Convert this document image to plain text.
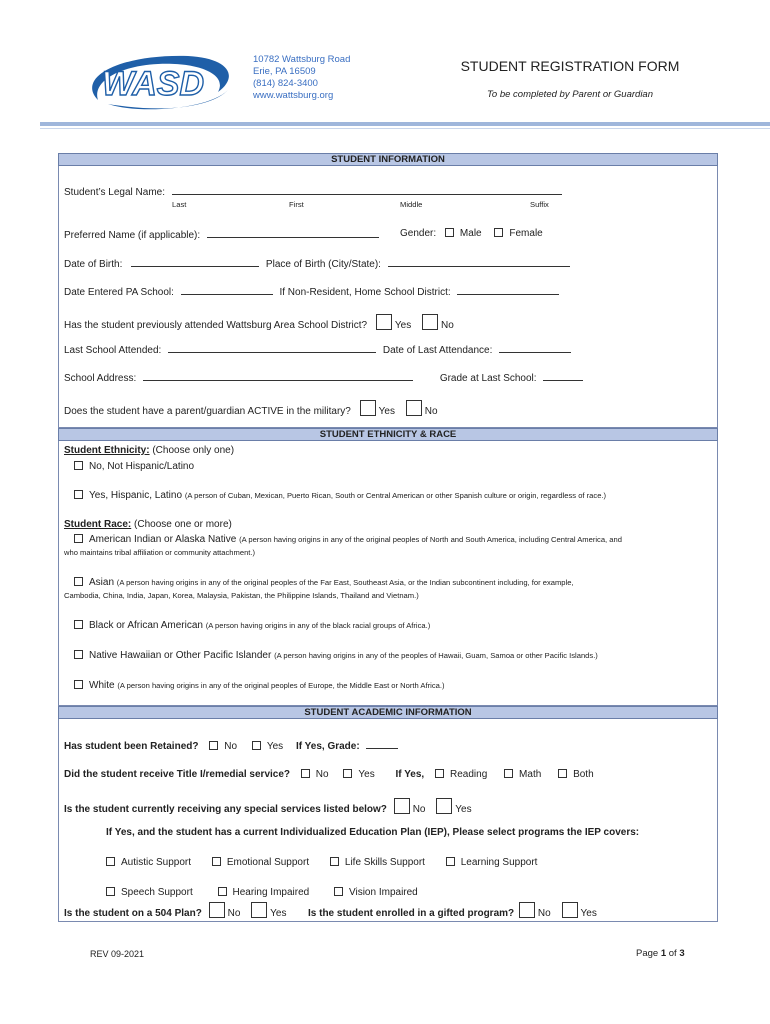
WASD
10782 Wattsburg Road
Erie, PA 16509
(814) 824-3400
www.wattsburg.org
STUDENT REGISTRATION FORM
To be completed by Parent or Guardian
STUDENT INFORMATION
Student’s Legal Name:
Last	First	Middle	Suffix
Preferred Name (if applicable):	Gender: Male	Female
Date of Birth:	Place of Birth (City/State):
Date Entered PA School:	If Non-Resident, Home School District:
Has the student previously attended Wattsburg Area School District?	Yes	No
Last School Attended:	Date of Last Attendance:
School Address:	Grade at Last School:
Does the student have a parent/guardian ACTIVE in the military?	Yes	No
STUDENT ETHNICITY & RACE
Student Ethnicity: (Choose only one)
No, Not Hispanic/Latino
Yes, Hispanic, Latino (A person of Cuban, Mexican, Puerto Rican, South or Central American or other Spanish culture or origin, regardless of race.)
Student Race: (Choose one or more)
American Indian or Alaska Native (A person having origins in any of the original peoples of North and South America, including Central America, and
who maintains tribal affiliation or community attachment.)
Asian (A person having origins in any of the original peoples of the Far East, Southeast Asia, or the Indian subcontinent including, for example,
Cambodia, China, India, Japan, Korea, Malaysia, Pakistan, the Philippine Islands, Thailand and Vietnam.)
Black or African American (A person having origins in any of the black racial groups of Africa.)
Native Hawaiian or Other Pacific Islander (A person having origins in any of the peoples of Hawaii, Guam, Samoa or other Pacific Islands.)
White (A person having origins in any of the original peoples of Europe, the Middle East or North Africa.)
STUDENT ACADEMIC INFORMATION
Has student been Retained?	No	Yes If Yes, Grade:
Did the student receive Title I/remedial service?	No	Yes If Yes,	Reading	Math	Both
Is the student currently receiving any special services listed below?	No	Yes
If Yes, and the student has a current Individualized Education Plan (IEP), Please select programs the IEP covers:
Autistic Support	Emotional Support	Life Skills Support	Learning Support
Speech Support	Hearing Impaired	Vision Impaired
Is the student on a 504 Plan?	No	Yes Is the student enrolled in a gifted program? No	Yes
REV 09-2021	Page 1 of 3
